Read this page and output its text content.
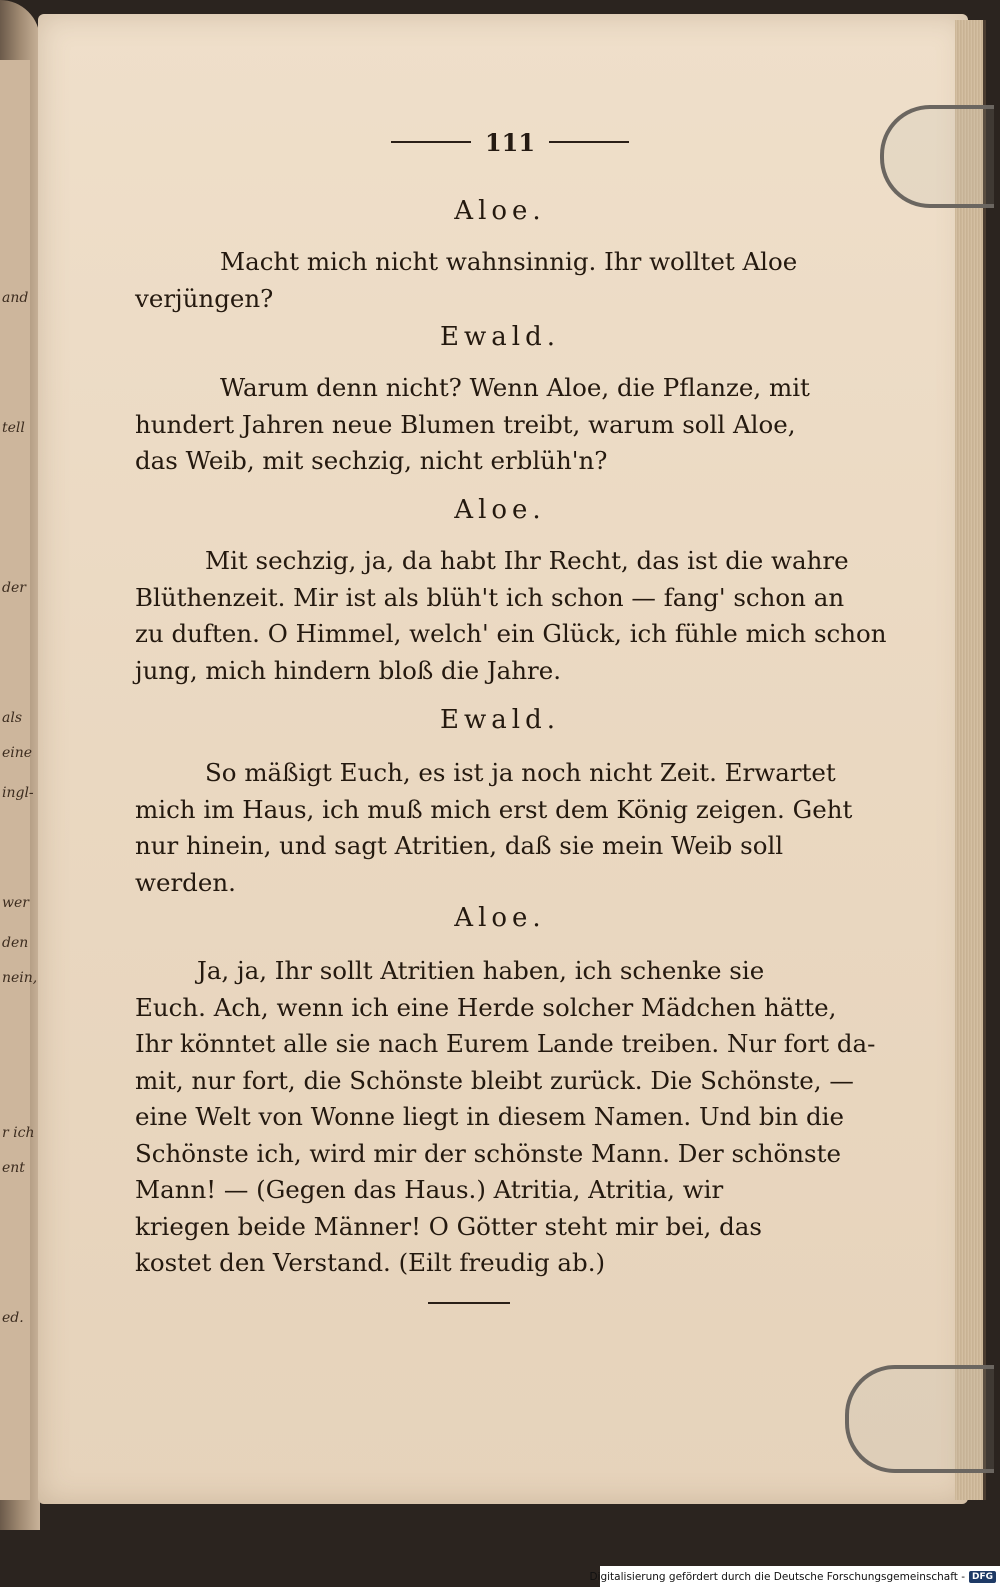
and
tell
der
als
eine
ingl-
wer
den
nein,
r ich
ent
ed.
111
Aloe.
Macht mich nicht wahnsinnig. Ihr wolltet Aloe
verjüngen?
Ewald.
Warum denn nicht? Wenn Aloe, die Pflanze, mit
hundert Jahren neue Blumen treibt, warum soll Aloe,
das Weib, mit sechzig, nicht erblüh'n?
Aloe.
Mit sechzig, ja, da habt Ihr Recht, das ist die wahre
Blüthenzeit. Mir ist als blüh't ich schon — fang' schon an
zu duften. O Himmel, welch' ein Glück, ich fühle mich schon
jung, mich hindern bloß die Jahre.
Ewald.
So mäßigt Euch, es ist ja noch nicht Zeit. Erwartet
mich im Haus, ich muß mich erst dem König zeigen. Geht
nur hinein, und sagt Atritien, daß sie mein Weib soll
werden.
Aloe.
Ja, ja, Ihr sollt Atritien haben, ich schenke sie
Euch. Ach, wenn ich eine Herde solcher Mädchen hätte,
Ihr könntet alle sie nach Eurem Lande treiben. Nur fort da-
mit, nur fort, die Schönste bleibt zurück. Die Schönste, —
eine Welt von Wonne liegt in diesem Namen. Und bin die
Schönste ich, wird mir der schönste Mann. Der schönste
Mann! — (Gegen das Haus.) Atritia, Atritia, wir
kriegen beide Männer! O Götter steht mir bei, das
kostet den Verstand. (Eilt freudig ab.)
Digitalisierung gefördert durch die Deutsche Forschungsgemeinschaft - DFG
